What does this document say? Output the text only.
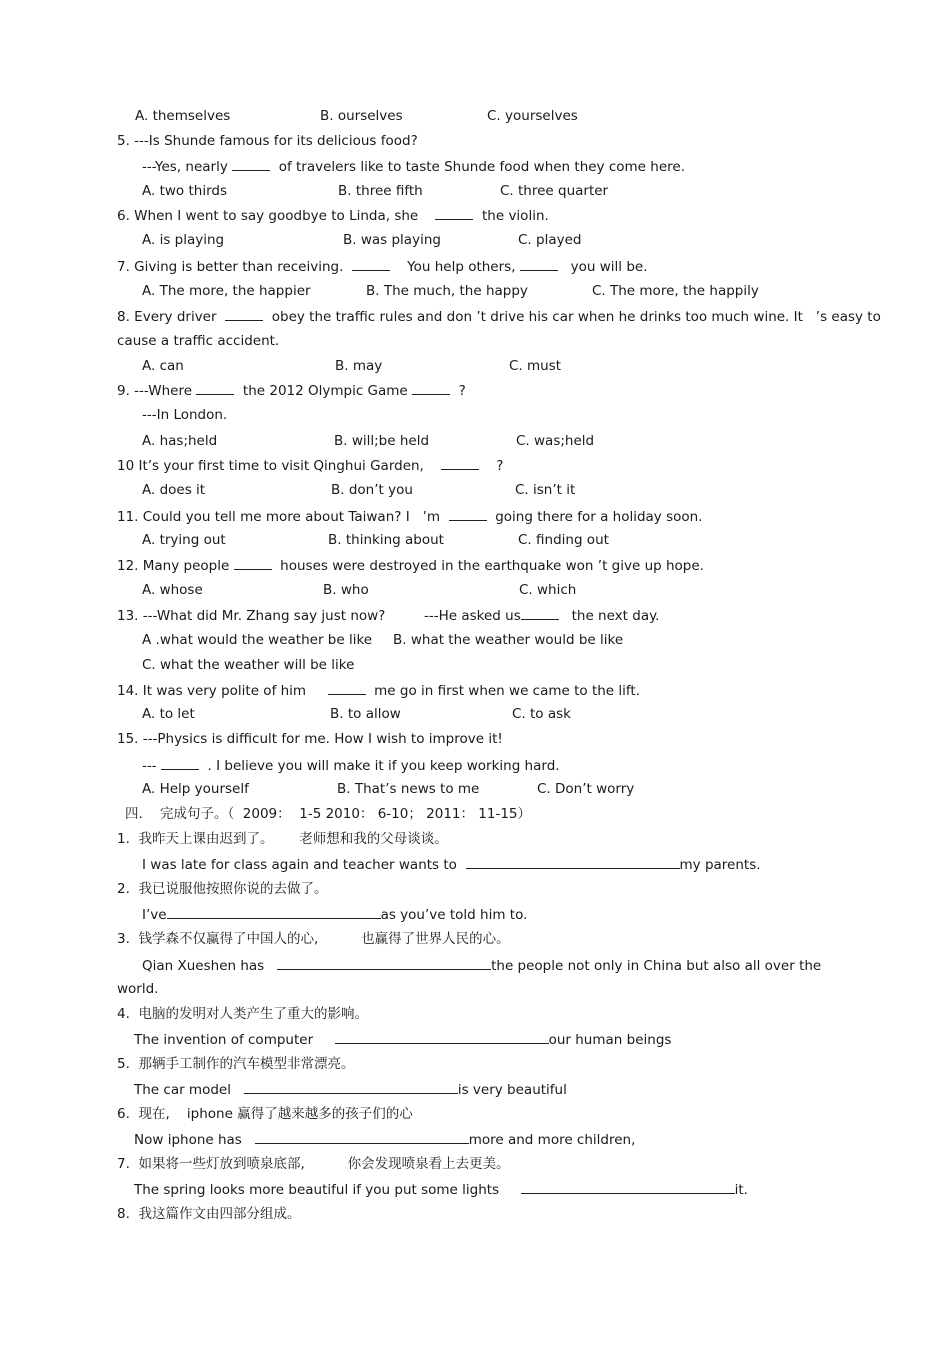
A. themselves	B. ourselves	C. yourselves
5. ---Is Shunde famous for its delicious food?
---Yes, nearly	of travelers like to taste Shunde food when they come here.
A. two thirds	B. three fifth	C. three quarter
6. When I went to say goodbye to Linda, she	the violin.
A. is playing	B. was playing	C. played
7. Giving is better than receiving.	You help others,	you will be.
A. The more, the happier	B. The much, the happy	C. The more, the happily
8. Every driver	obey the traffic rules and don ’t drive his car when he drinks too much wine. It ’s easy to
cause a traffic accident.
A. can	B. may	C. must
9. ---Where	the 2012 Olympic Game	?
---In London.
A. has;held	B. will;be held	C. was;held
10 It’s your first time to visit Qinghui Garden,	?
A. does it	B. don’t you	C. isn’t it
11. Could you tell me more about Taiwan? I ’m	going there for a holiday soon.
A. trying out	B. thinking about	C. finding out
12. Many people	houses were destroyed in the earthquake won ’t give up hope.
A. whose	B. who	C. which
13. ---What did Mr. Zhang say just now?	---He asked us	the next day.
A .what would the weather be like B. what the weather would be like
C. what the weather will be like
14. It was very polite of him	me go in first when we came to the lift.
A. to let	B. to allow	C. to ask
15. ---Physics is difficult for me. How I wish to improve it!
---	. I believe you will make it if you keep working hard.
A. Help yourself	B. That’s news to me	C. Don’t worry
四.    完成句子。（  2009：  1-5 2010： 6-10； 2011： 11-15）
1.  我昨天上课由迟到了。      老师想和我的父母谈谈。
I was late for class again and teacher wants to	my parents.
2.  我已说服他按照你说的去做了。
I’ve	as you’ve told him to.
3.  钱学森不仅赢得了中国人的心,          也赢得了世界人民的心。
Qian Xueshen has	the people not only in China but also all over the
world.
4.  电脑的发明对人类产生了重大的影响。
The invention of computer	our human beings
5.  那辆手工制作的汽车模型非常漂亮。
The car model	is very beautiful
6.  现在,    iphone 赢得了越来越多的孩子们的心
Now iphone has	more and more children,
7.  如果将一些灯放到喷泉底部,          你会发现喷泉看上去更美。
The spring looks more beautiful if you put some lights	it.
8.  我这篇作文由四部分组成。
